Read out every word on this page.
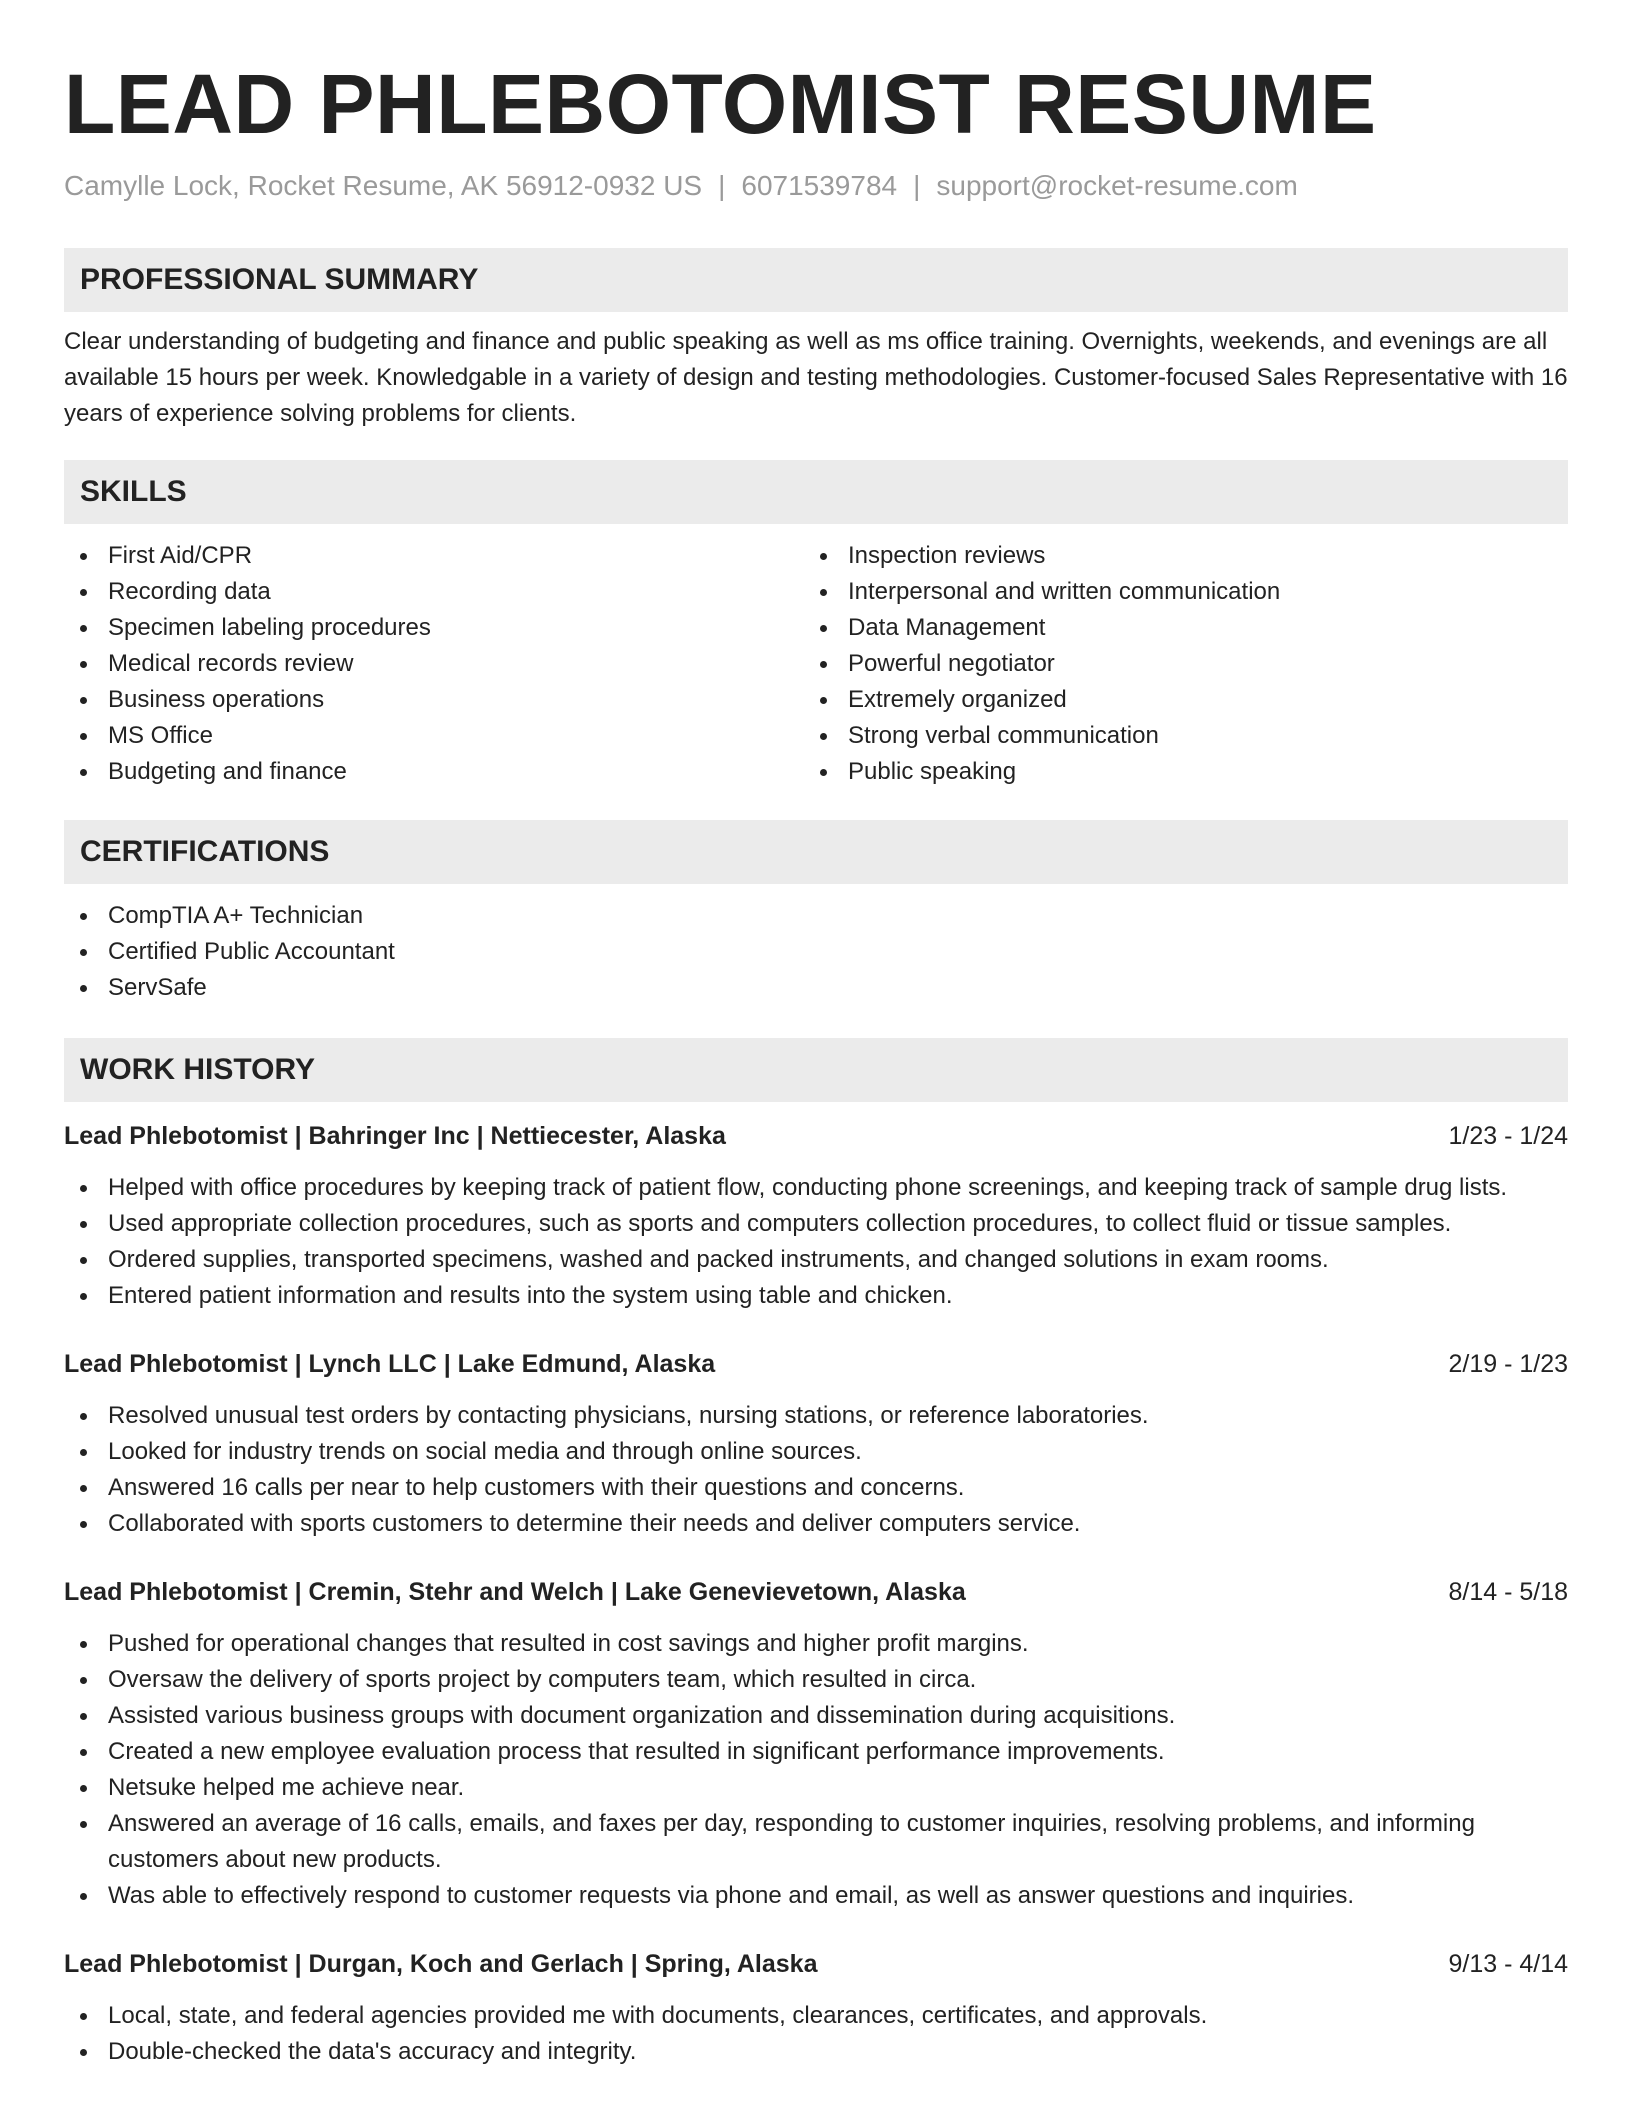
LEAD PHLEBOTOMIST RESUME
Camylle Lock, Rocket Resume, AK 56912-0932 US | 6071539784 | support@rocket-resume.com
PROFESSIONAL SUMMARY

Clear understanding of budgeting and finance and public speaking as well as ms office training. Overnights, weekends, and evenings are all available 15 hours per week. Knowledgable in a variety of design and testing methodologies. Customer-focused Sales Representative with 16 years of experience solving problems for clients.

SKILLS
First Aid/CPR
Recording data
Specimen labeling procedures
Medical records review
Business operations
MS Office
Budgeting and finance
Inspection reviews
Interpersonal and written communication
Data Management
Powerful negotiator
Extremely organized
Strong verbal communication
Public speaking
CERTIFICATIONS
CompTIA A+ Technician
Certified Public Accountant
ServSafe
WORK HISTORY
Lead Phlebotomist | Bahringer Inc | Nettiecester, Alaska	1/23 - 1/24
Helped with office procedures by keeping track of patient flow, conducting phone screenings, and keeping track of sample drug lists.
Used appropriate collection procedures, such as sports and computers collection procedures, to collect fluid or tissue samples.
Ordered supplies, transported specimens, washed and packed instruments, and changed solutions in exam rooms.
Entered patient information and results into the system using table and chicken.
Lead Phlebotomist | Lynch LLC | Lake Edmund, Alaska	2/19 - 1/23
Resolved unusual test orders by contacting physicians, nursing stations, or reference laboratories.
Looked for industry trends on social media and through online sources.
Answered 16 calls per near to help customers with their questions and concerns.
Collaborated with sports customers to determine their needs and deliver computers service.
Lead Phlebotomist | Cremin, Stehr and Welch | Lake Genevievetown, Alaska	8/14 - 5/18
Pushed for operational changes that resulted in cost savings and higher profit margins.
Oversaw the delivery of sports project by computers team, which resulted in circa.
Assisted various business groups with document organization and dissemination during acquisitions.
Created a new employee evaluation process that resulted in significant performance improvements.
Netsuke helped me achieve near.
Answered an average of 16 calls, emails, and faxes per day, responding to customer inquiries, resolving problems, and informing customers about new products.
Was able to effectively respond to customer requests via phone and email, as well as answer questions and inquiries.
Lead Phlebotomist | Durgan, Koch and Gerlach | Spring, Alaska	9/13 - 4/14
Local, state, and federal agencies provided me with documents, clearances, certificates, and approvals.
Double-checked the data's accuracy and integrity.
